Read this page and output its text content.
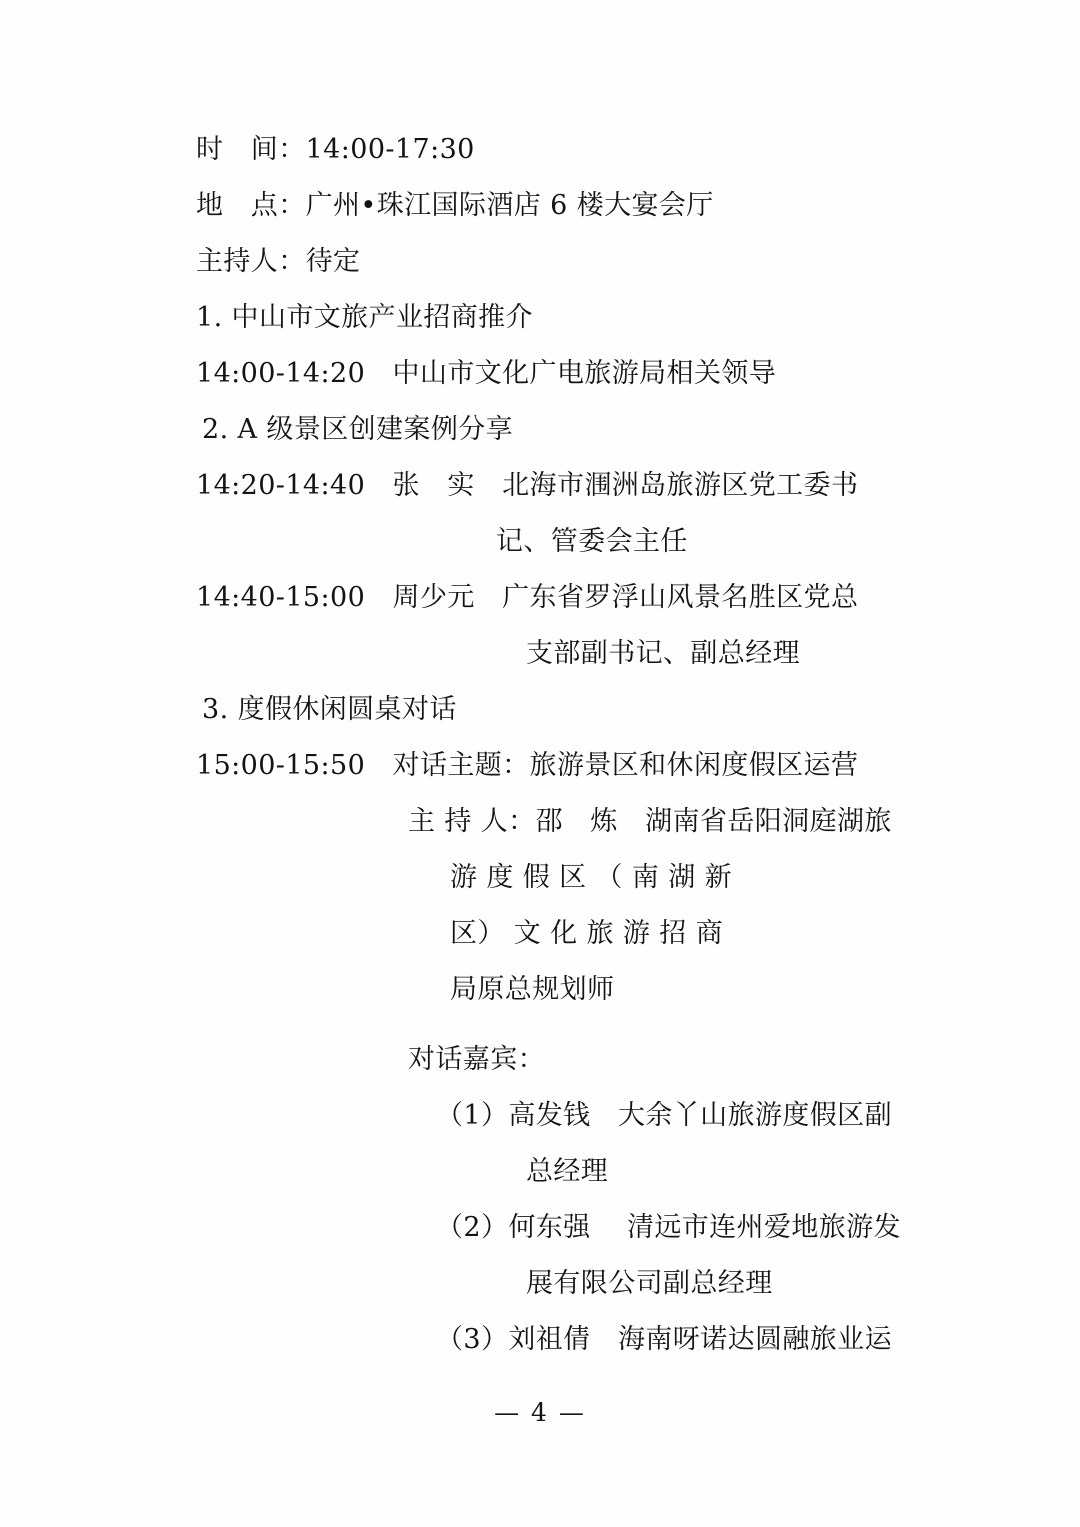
时　间：14:00-17:30
地　点：广州•珠江国际酒店 6 楼大宴会厅
主持人：待定
1. 中山市文旅产业招商推介
14:00-14:20　中山市文化广电旅游局相关领导
2. A 级景区创建案例分享
14:20-14:40　张　实　北海市涠洲岛旅游区党工委书
记、管委会主任
14:40-15:00　周少元　广东省罗浮山风景名胜区党总
支部副书记、副总经理
3. 度假休闲圆桌对话
15:00-15:50　对话主题：旅游景区和休闲度假区运营
主 持 人：邵　炼　湖南省岳阳洞庭湖旅
游 度 假 区 （ 南 湖 新
区） 文 化 旅 游 招 商
局原总规划师
对话嘉宾：
（1）高发钱　大余丫山旅游度假区副
总经理
（2）何东强　 清远市连州爱地旅游发
展有限公司副总经理
（3）刘祖倩　海南呀诺达圆融旅业运
— 4 —
